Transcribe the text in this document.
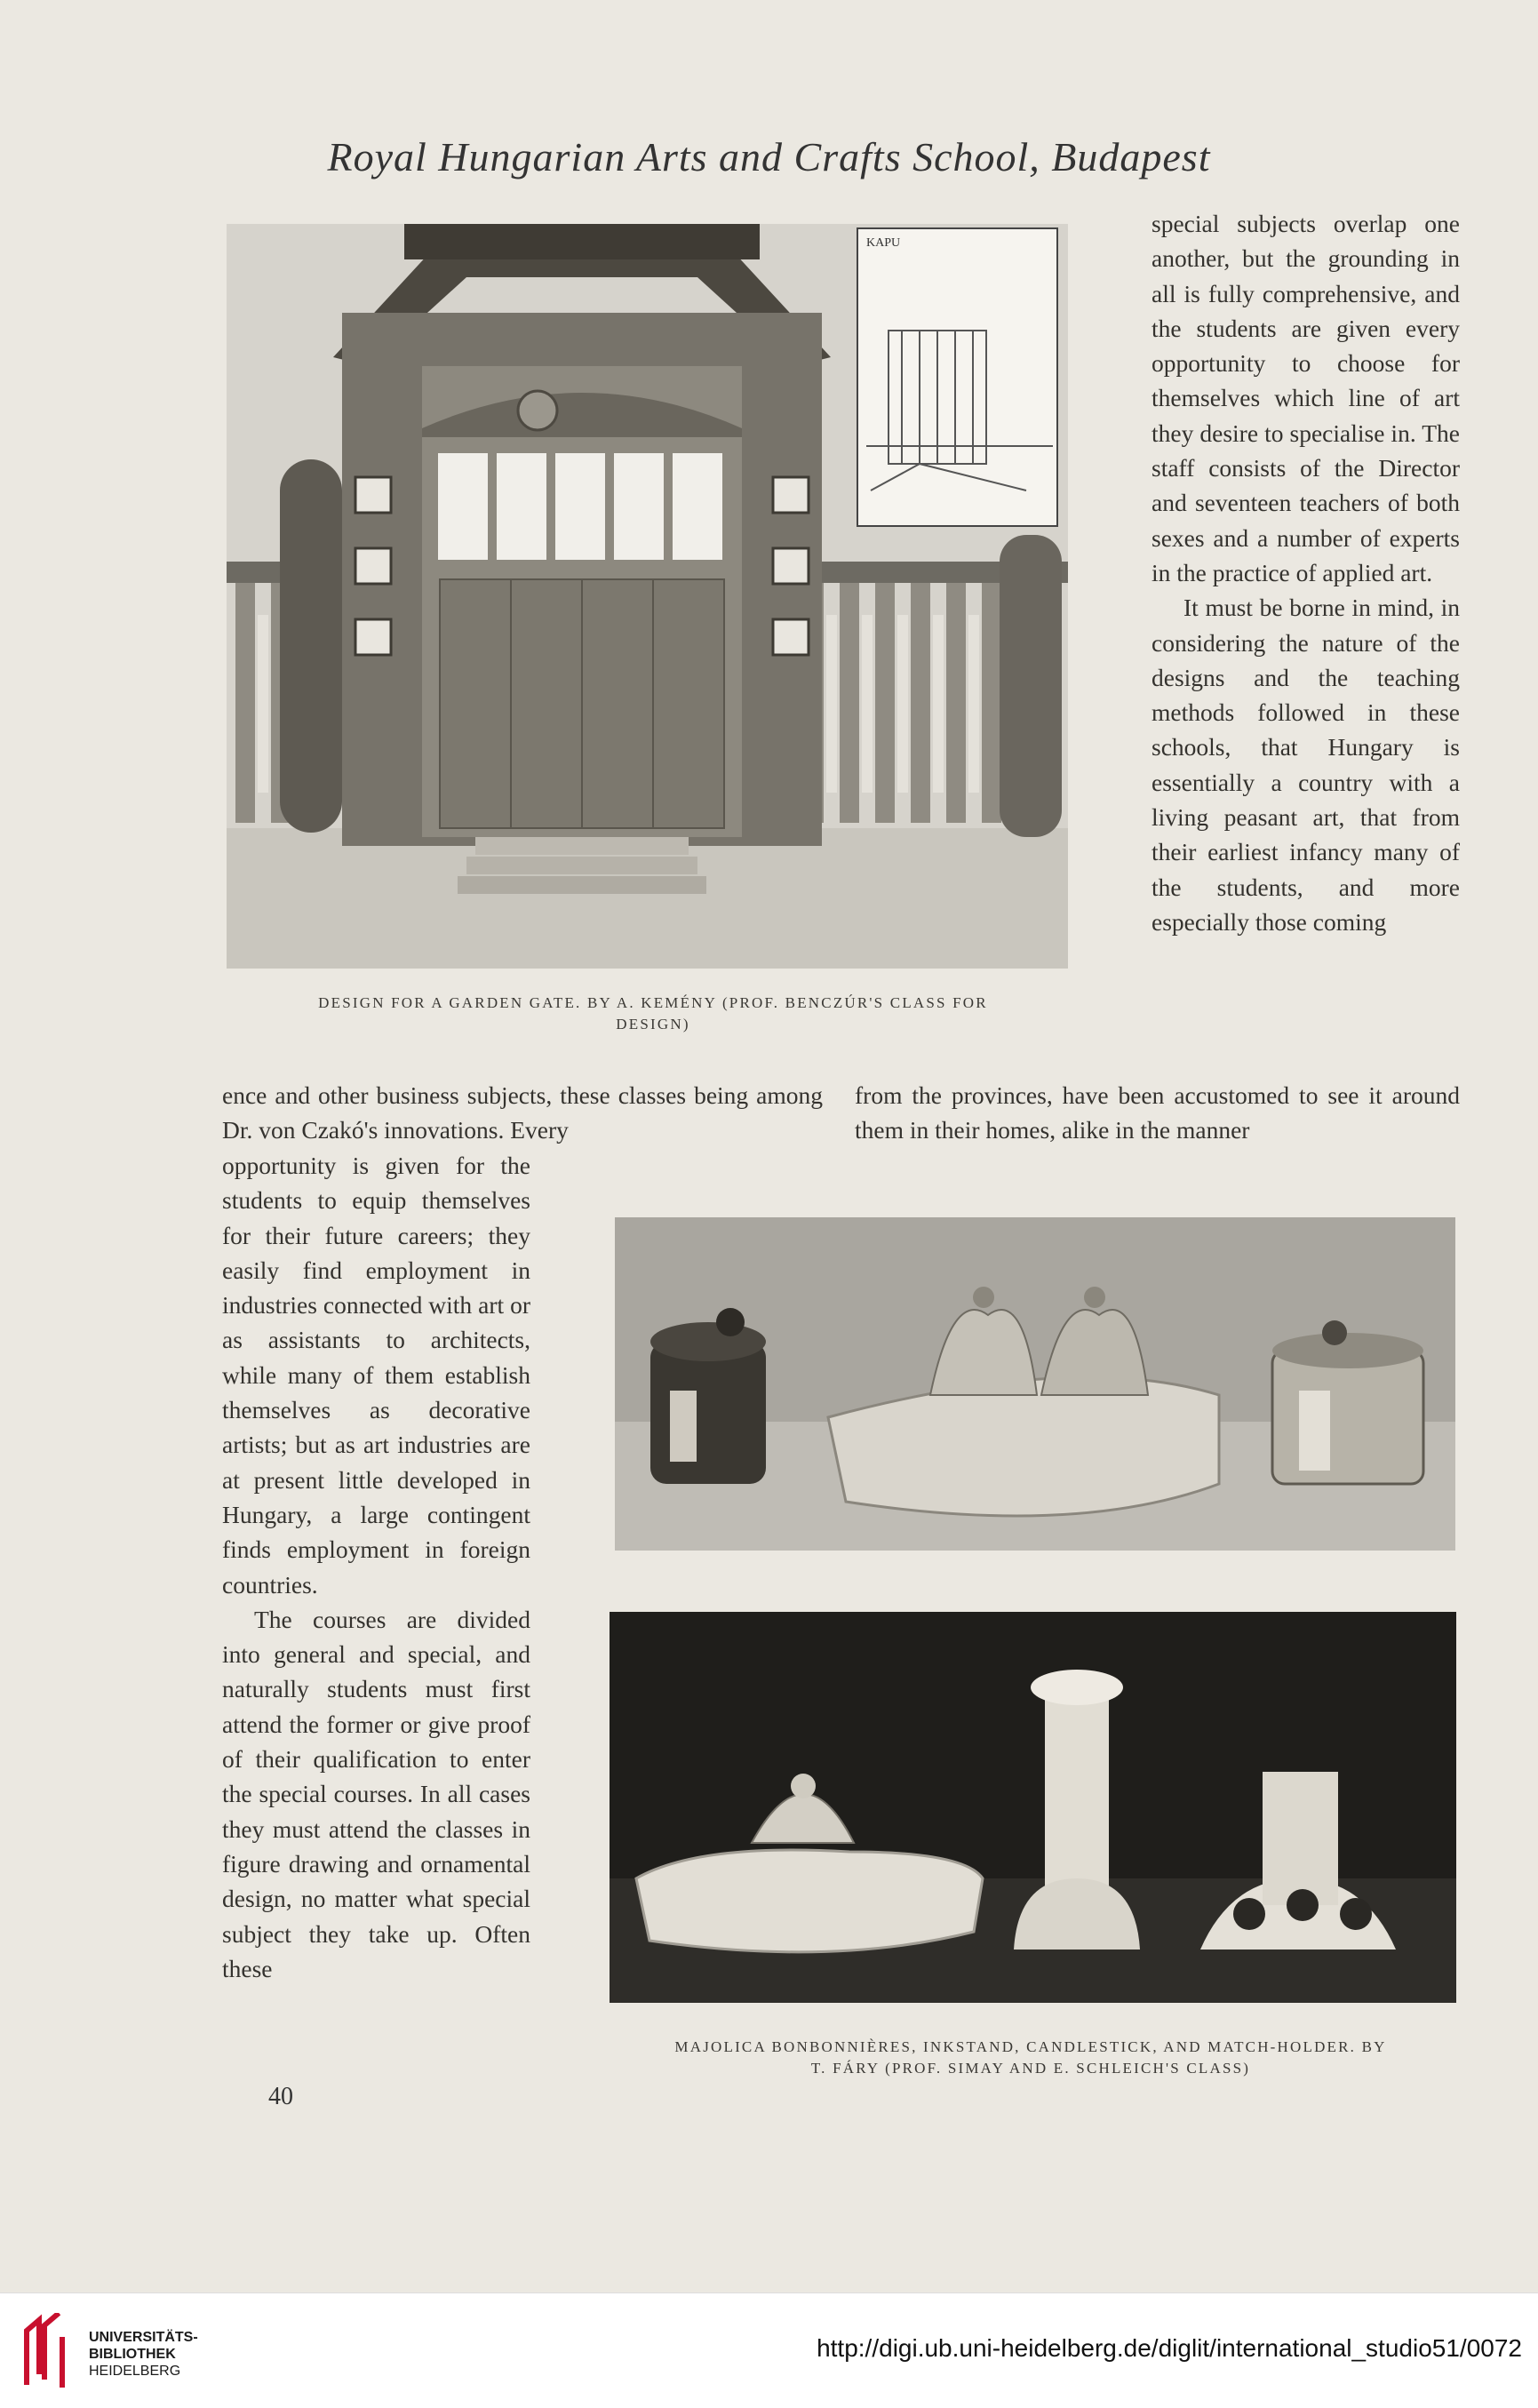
Royal Hungarian Arts and Crafts School, Budapest
KAPU
DESIGN FOR A GARDEN GATE. BY A. KEMÉNY (PROF. BENCZÚR'S CLASS FOR
DESIGN)

special subjects overlap one another, but the grounding in all is fully comprehensive, and the students are given every opportunity to choose for themselves which line of art they desire to specialise in. The staff consists of the Director and seventeen teachers of both sexes and a number of experts in the practice of applied art.

It must be borne in mind, in considering the nature of the designs and the teaching methods followed in these schools, that Hungary is essentially a country with a living peasant art, that from their earliest infancy many of the students, and more especially those coming

ence and other business subjects, these classes being among Dr. von Czakó's innovations. Every

from the provinces, have been accustomed to see it around them in their homes, alike in the manner

opportunity is given for the students to equip themselves for their future careers; they easily find employment in industries connected with art or as assistants to architects, while many of them establish themselves as decorative artists; but as art industries are at present little developed in Hungary, a large contingent finds employment in foreign countries.

The courses are divided into general and special, and naturally students must first attend the former or give proof of their qualification to enter the special courses. In all cases they must attend the classes in figure drawing and ornamental design, no matter what special subject they take up. Often these

MAJOLICA BONBONNIÈRES, INKSTAND, CANDLESTICK, AND MATCH-HOLDER. BY
T. FÁRY (PROF. SIMAY AND E. SCHLEICH'S CLASS)
40
UNIVERSITÄTS-
BIBLIOTHEK
HEIDELBERG
http://digi.ub.uni-heidelberg.de/diglit/international_studio51/0072
